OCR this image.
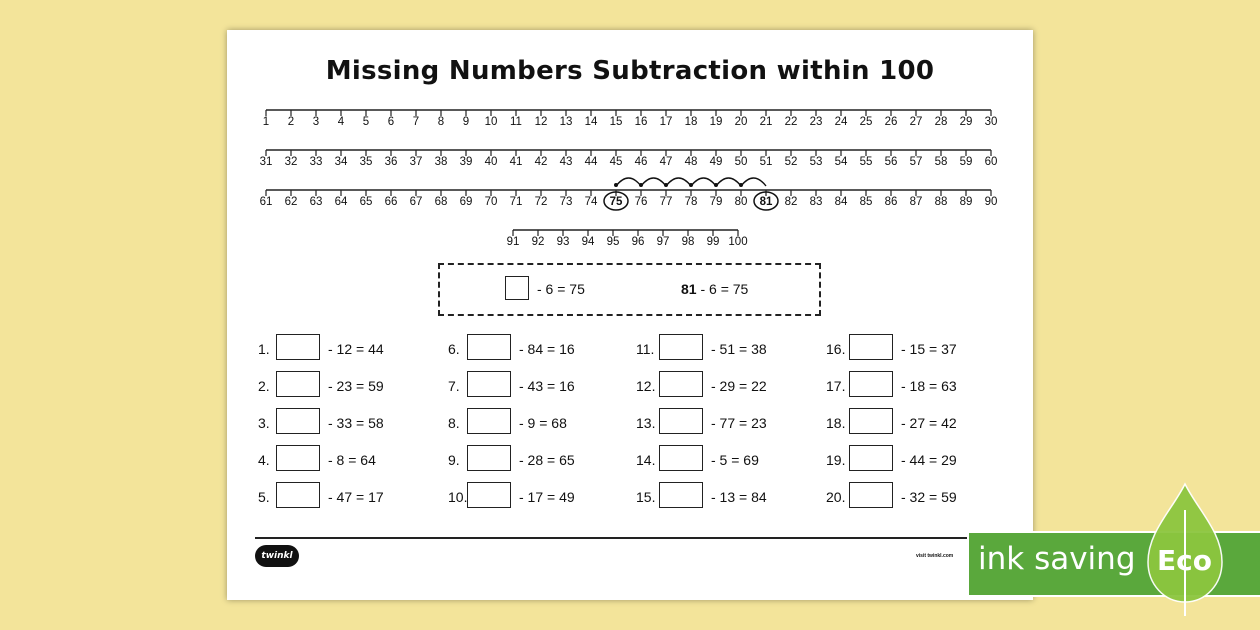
Missing Numbers Subtraction within 100
1 2 3 4 5 6 7 8 9 10 11 12 13 14 15 16 17 18 19 20 21 22 23 24 25 26 27 28 29 30
31 32 33 34 35 36 37 38 39 40 41 42 43 44 45 46 47 48 49 50 51 52 53 54 55 56 57 58 59 60
61 62 63 64 65 66 67 68 69 70 71 72 73 74 75 76 77 78 79 80 81 82 83 84 85 86 87 88 89 90
91 92 93 94 95 96 97 98 99 100
- 6 = 75	81 - 6 = 75
1.	- 12 = 44
2.	- 23 = 59
3.	- 33 = 58
4.	- 8 = 64
5.	- 47 = 17
6.	- 84 = 16
7.	- 43 = 16
8.	- 9 = 68
9.	- 28 = 65
10.	- 17 = 49
11.	- 51 = 38
12.	- 29 = 22
13.	- 77 = 23
14.	- 5 = 69
15.	- 13 = 84
16.	- 15 = 37
17.	- 18 = 63
18.	- 27 = 42
19.	- 44 = 29
20.	- 32 = 59
twinkl	visit twinkl.com ink saving Eco
